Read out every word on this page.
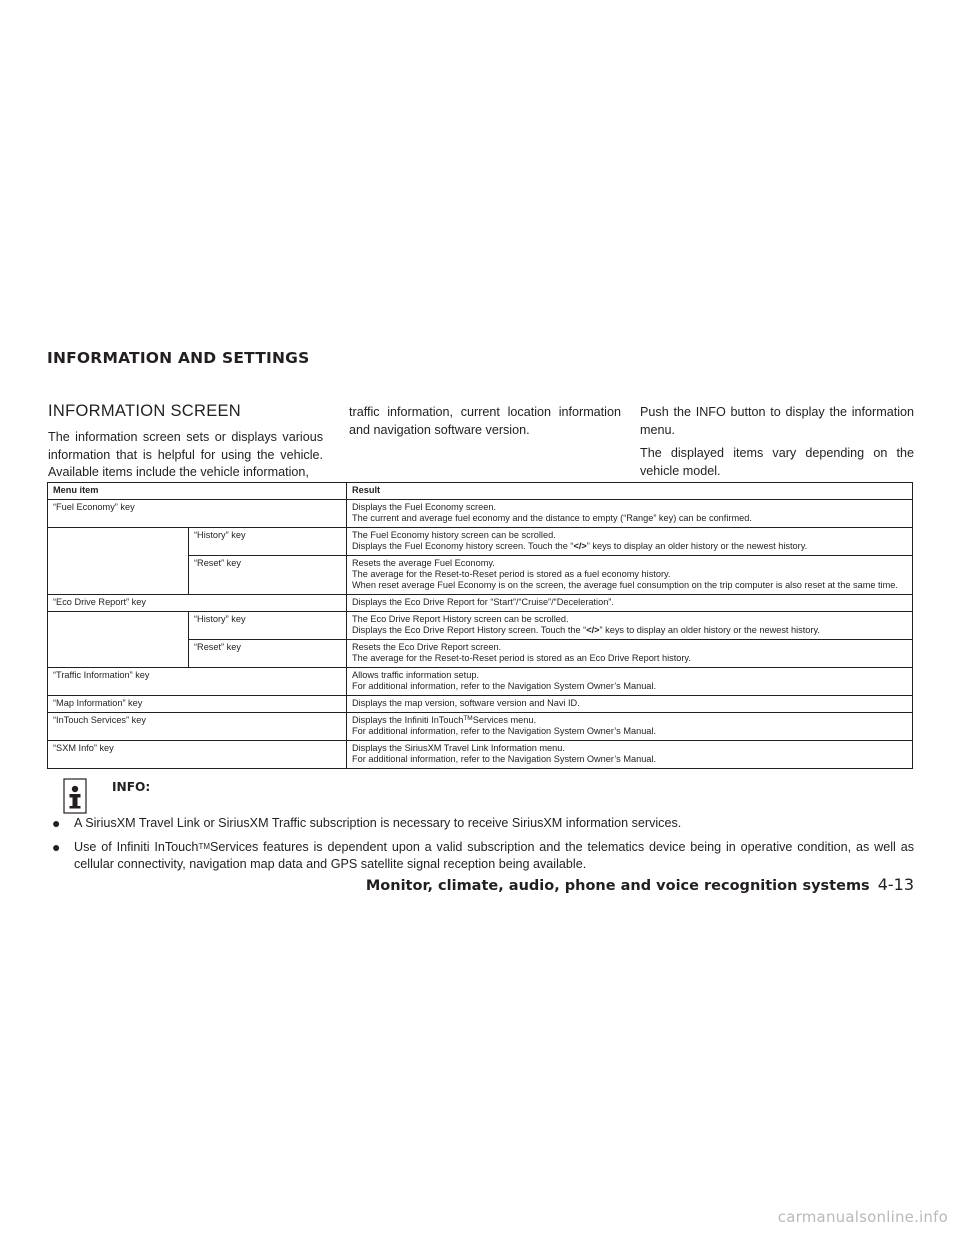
INFORMATION AND SETTINGS
INFORMATION SCREEN

The information screen sets or displays various information that is helpful for using the vehicle. Available items include the vehicle information,

traffic information, current location information and navigation software version.

Push the INFO button to display the information menu.

The displayed items vary depending on the vehicle model.

Menu item		Result
“Fuel Economy” key		Displays the Fuel Economy screen.
The current and average fuel economy and the distance to empty (“Range” key) can be confirmed.

	“History” key	The Fuel Economy history screen can be scrolled.
Displays the Fuel Economy history screen. Touch the “</>” keys to display an older history or the newest history.

	“Reset” key	Resets the average Fuel Economy.
The average for the Reset-to-Reset period is stored as a fuel economy history.
When reset average Fuel Economy is on the screen, the average fuel consumption on the trip computer is also reset at the same time.

“Eco Drive Report” key		Displays the Eco Drive Report for “Start”/“Cruise”/“Deceleration”.

	“History” key	The Eco Drive Report History screen can be scrolled.
Displays the Eco Drive Report History screen. Touch the “</>” keys to display an older history or the newest history.

	“Reset” key	Resets the Eco Drive Report screen.
The average for the Reset-to-Reset period is stored as an Eco Drive Report history.

“Traffic Information” key		Allows traffic information setup.
For additional information, refer to the Navigation System Owner’s Manual.

“Map Information” key		Displays the map version, software version and Navi ID.

“InTouch Services” key		Displays the Infiniti InTouch™Services menu.
For additional information, refer to the Navigation System Owner’s Manual.

“SXM Info” key		Displays the SiriusXM Travel Link Information menu.
For additional information, refer to the Navigation System Owner’s Manual.
INFO:
● A SiriusXM Travel Link or SiriusXM Traffic subscription is necessary to receive SiriusXM information services.
● Use of Infiniti InTouch™Services features is dependent upon a valid subscription and the telematics device being in operative condition, as well as cellular connectivity, navigation map data and GPS satellite signal reception being available.
Monitor, climate, audio, phone and voice recognition systems 4-13
carmanualsonline.info
